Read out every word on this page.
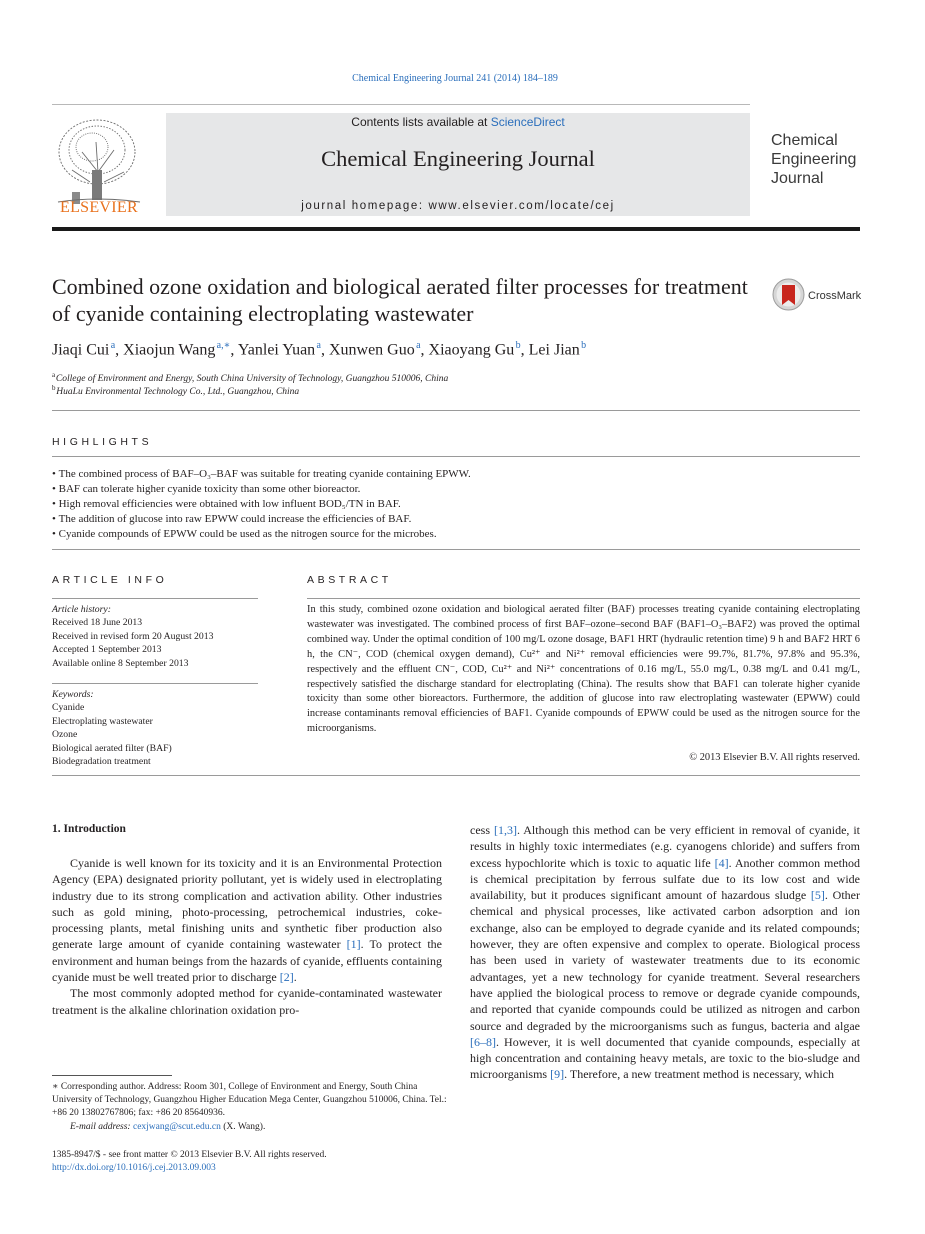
Chemical Engineering Journal 241 (2014) 184–189
ELSEVIER
Contents lists available at ScienceDirect
Chemical Engineering Journal
journal homepage: www.elsevier.com/locate/cej
Chemical
Engineering
Journal
Combined ozone oxidation and biological aerated filter processes for treatment of cyanide containing electroplating wastewater
CrossMark
Jiaqi Cui $^a$, Xiaojun Wang $^{a,∗}$, Yanlei Yuan $^a$, Xunwen Guo $^a$, Xiaoyang Gu $^b$, Lei Jian $^b$
$^a$ College of Environment and Energy, South China University of Technology, Guangzhou 510006, China
$^b$ HuaLu Environmental Technology Co., Ltd., Guangzhou, China
HIGHLIGHTS
• The combined process of BAF–O₃–BAF was suitable for treating cyanide containing EPWW.
• BAF can tolerate higher cyanide toxicity than some other bioreactor.
• High removal efficiencies were obtained with low influent BOD₅/TN in BAF.
• The addition of glucose into raw EPWW could increase the efficiencies of BAF.
• Cyanide compounds of EPWW could be used as the nitrogen source for the microbes.
ARTICLE INFO
Article history:
Received 18 June 2013
Received in revised form 20 August 2013
Accepted 1 September 2013
Available online 8 September 2013
Keywords:
Cyanide
Electroplating wastewater
Ozone
Biological aerated filter (BAF)
Biodegradation treatment
ABSTRACT
In this study, combined ozone oxidation and biological aerated filter (BAF) processes treating cyanide containing electroplating wastewater was investigated. The combined process of first BAF–ozone–second BAF (BAF1–O₃–BAF2) was proved the optimal combined way. Under the optimal condition of 100 mg/L ozone dosage, BAF1 HRT (hydraulic retention time) 9 h and BAF2 HRT 6 h, the CN⁻, COD (chemical oxygen demand), Cu²⁺ and Ni²⁺ removal efficiencies were 99.7%, 81.7%, 97.8% and 95.3%, respectively and the effluent CN⁻, COD, Cu²⁺ and Ni²⁺ concentrations of 0.16 mg/L, 55.0 mg/L, 0.38 mg/L and 0.41 mg/L, respectively satisfied the discharge standard for electroplating (China). The results show that BAF1 can tolerate higher cyanide toxicity than some other bioreactors. Furthermore, the addition of glucose into raw electroplating wastewater (EPWW) could increase contaminants removal efficiencies of BAF1. Cyanide compounds of EPWW could be used as the nitrogen source for the microorganisms.
© 2013 Elsevier B.V. All rights reserved.
1. Introduction

Cyanide is well known for its toxicity and it is an Environmental Protection Agency (EPA) designated priority pollutant, yet is widely used in electroplating industry due to its strong complication and activation ability. Other industries such as gold mining, photo-processing, petrochemical industries, coke-processing plants, metal finishing units and synthetic fiber production also generate large amount of cyanide containing wastewater [1]. To protect the environment and human beings from the hazards of cyanide, effluents containing cyanide must be well treated prior to discharge [2].

The most commonly adopted method for cyanide-contaminated wastewater treatment is the alkaline chlorination oxidation pro-

cess [1,3]. Although this method can be very efficient in removal of cyanide, it results in highly toxic intermediates (e.g. cyanogens chloride) and suffers from excess hypochlorite which is toxic to aquatic life [4]. Another common method is chemical precipitation by ferrous sulfate due to its low cost and wide availability, but it produces significant amount of hazardous sludge [5]. Other chemical and physical processes, like activated carbon adsorption and ion exchange, also can be employed to degrade cyanide and its related compounds; however, they are often expensive and complex to operate. Biological process has been used in variety of wastewater treatments due to its economic advantages, yet a new technology for cyanide treatment. Several researchers have applied the biological process to remove or degrade cyanide compounds, and reported that cyanide compounds could be utilized as nitrogen and carbon source and degraded by the microorganisms such as fungus, bacteria and algae [6–8]. However, it is well documented that cyanide compounds, especially at high concentration and containing heavy metals, are toxic to the bio-sludge and microorganisms [9]. Therefore, a new treatment method is necessary, which

∗ Corresponding author. Address: Room 301, College of Environment and Energy, South China University of Technology, Guangzhou Higher Education Mega Center, Guangzhou 510006, China. Tel.: +86 20 13802767806; fax: +86 20 85640936.
E-mail address: cexjwang@scut.edu.cn (X. Wang).
1385-8947/$ - see front matter © 2013 Elsevier B.V. All rights reserved.
http://dx.doi.org/10.1016/j.cej.2013.09.003
